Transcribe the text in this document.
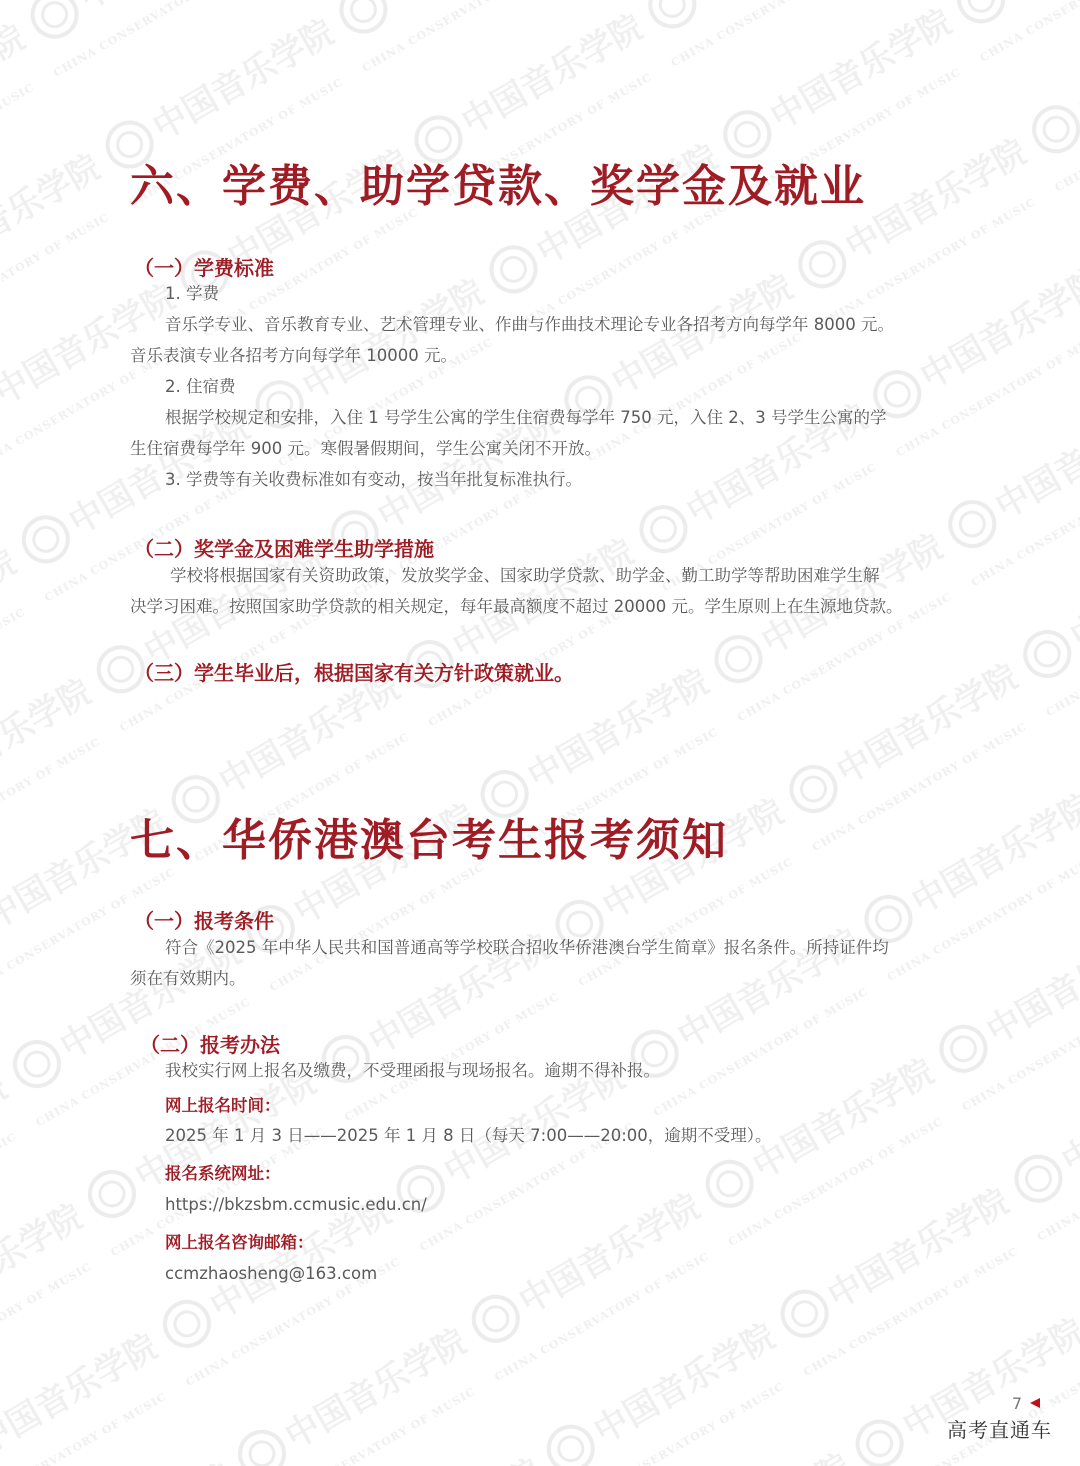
六、学费、助学贷款、奖学金及就业
（一）学费标准

1. 学费

音乐学专业、音乐教育专业、艺术管理专业、作曲与作曲技术理论专业各招考方向每学年 8000 元。

音乐表演专业各招考方向每学年 10000 元。

2. 住宿费

根据学校规定和安排，入住 1 号学生公寓的学生住宿费每学年 750 元，入住 2、3 号学生公寓的学

生住宿费每学年 900 元。寒假暑假期间，学生公寓关闭不开放。

3. 学费等有关收费标准如有变动，按当年批复标准执行。

（二）奖学金及困难学生助学措施

学校将根据国家有关资助政策，发放奖学金、国家助学贷款、助学金、勤工助学等帮助困难学生解

决学习困难。按照国家助学贷款的相关规定，每年最高额度不超过 20000 元。学生原则上在生源地贷款。

（三）学生毕业后，根据国家有关方针政策就业。
七、华侨港澳台考生报考须知
（一）报考条件

符合《2025 年中华人民共和国普通高等学校联合招收华侨港澳台学生简章》报名条件。所持证件均

须在有效期内。

（二）报考办法

我校实行网上报名及缴费，不受理函报与现场报名。逾期不得补报。

网上报名时间：

2025 年 1 月 3 日——2025 年 1 月 8 日（每天 7:00——20:00，逾期不受理）。

报名系统网址：

https://bkzsbm.ccmusic.edu.cn/

网上报名咨询邮箱：

ccmzhaosheng@163.com

7
高考直通车
